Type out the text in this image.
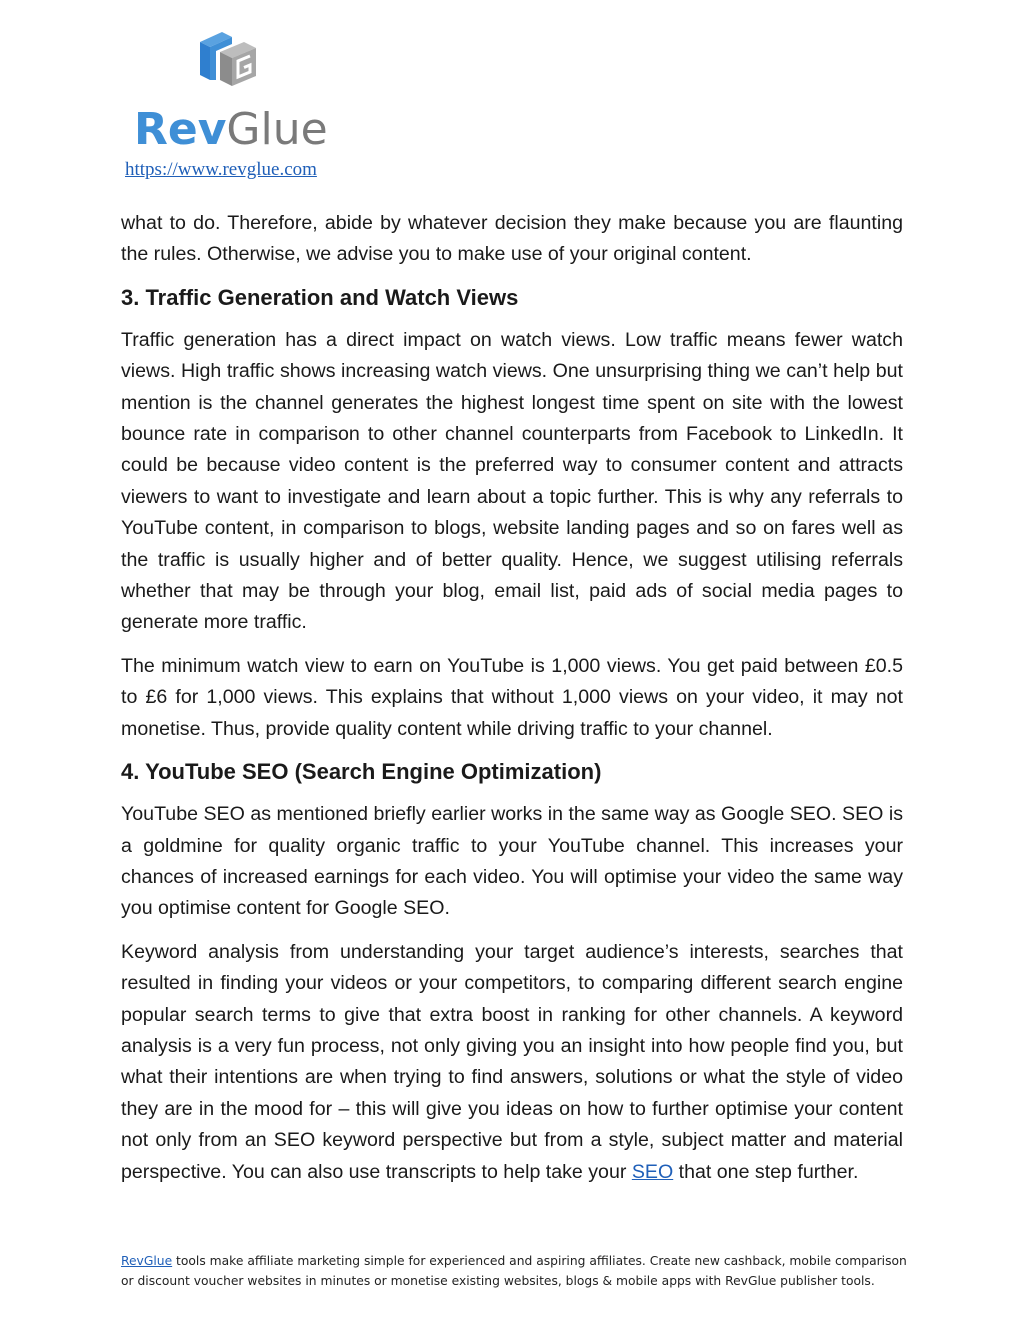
RevGlue
https://www.revglue.com

what to do. Therefore, abide by whatever decision they make because you are flaunting the rules. Otherwise, we advise you to make use of your original content.

3. Traffic Generation and Watch Views

Traffic generation has a direct impact on watch views. Low traffic means fewer watch views. High traffic shows increasing watch views. One unsurprising thing we can’t help but mention is the channel generates the highest longest time spent on site with the lowest bounce rate in comparison to other channel counterparts from Facebook to LinkedIn. It could be because video content is the preferred way to consumer content and attracts viewers to want to investigate and learn about a topic further. This is why any referrals to YouTube content, in comparison to blogs, website landing pages and so on fares well as the traffic is usually higher and of better quality. Hence, we suggest utilising referrals whether that may be through your blog, email list, paid ads of social media pages to generate more traffic.

The minimum watch view to earn on YouTube is 1,000 views. You get paid between £0.5 to £6 for 1,000 views. This explains that without 1,000 views on your video, it may not monetise. Thus, provide quality content while driving traffic to your channel.

4. YouTube SEO (Search Engine Optimization)

YouTube SEO as mentioned briefly earlier works in the same way as Google SEO. SEO is a goldmine for quality organic traffic to your YouTube channel. This increases your chances of increased earnings for each video. You will optimise your video the same way you optimise content for Google SEO.

Keyword analysis from understanding your target audience’s interests, searches that resulted in finding your videos or your competitors, to comparing different search engine popular search terms to give that extra boost in ranking for other channels. A keyword analysis is a very fun process, not only giving you an insight into how people find you, but what their intentions are when trying to find answers, solutions or what the style of video they are in the mood for – this will give you ideas on how to further optimise your content not only from an SEO keyword perspective but from a style, subject matter and material perspective. You can also use transcripts to help take your SEO that one step further.

RevGlue tools make affiliate marketing simple for experienced and aspiring affiliates. Create new cashback, mobile comparison or discount voucher websites in minutes or monetise existing websites, blogs & mobile apps with RevGlue publisher tools.
